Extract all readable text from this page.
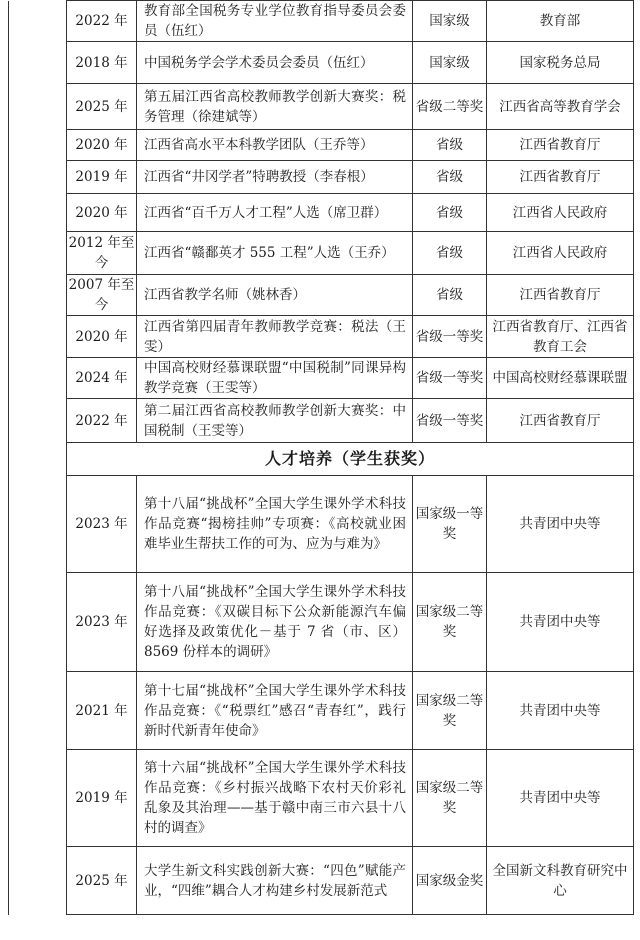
	2022 年	教育部全国税务专业学位教育指导委员会委员（伍红）	国家级	教育部
	2018 年	中国税务学会学术委员会委员（伍红）	国家级	国家税务总局
	2025 年	第五届江西省高校教师教学创新大赛奖：税务管理（徐建斌等）	省级二等奖	江西省高等教育学会
	2020 年	江西省高水平本科教学团队（王乔等）	省级	江西省教育厅
	2019 年	江西省“井冈学者”特聘教授（李春根）	省级	江西省教育厅
	2020 年	江西省“百千万人才工程”人选（席卫群）	省级	江西省人民政府
	2012 年至今	江西省“赣鄱英才 555 工程”人选（王乔）	省级	江西省人民政府
	2007 年至今	江西省教学名师（姚林香）	省级	江西省教育厅
	2020 年	江西省第四届青年教师教学竞赛：税法（王雯）	省级一等奖	江西省教育厅、江西省教育工会
	2024 年	中国高校财经慕课联盟“中国税制”同课异构教学竞赛（王雯等）	省级一等奖	中国高校财经慕课联盟
	2022 年	第二届江西省高校教师教学创新大赛奖：中国税制（王雯等）	省级一等奖	江西省教育厅
	人才培养（学生获奖）			
	2023 年	第十八届“挑战杯”全国大学生课外学术科技作品竞赛“揭榜挂帅”专项赛：《高校就业困难毕业生帮扶工作的可为、应为与难为》	国家级一等奖	共青团中央等
	2023 年	第十八届“挑战杯”全国大学生课外学术科技作品竞赛：《双碳目标下公众新能源汽车偏好选择及政策优化－基于 7 省（市、区）8569 份样本的调研》	国家级二等奖	共青团中央等
	2021 年	第十七届“挑战杯”全国大学生课外学术科技作品竞赛：《“税票红”感召“青春红”，践行新时代新青年使命》	国家级二等奖	共青团中央等
	2019 年	第十六届“挑战杯”全国大学生课外学术科技作品竞赛：《乡村振兴战略下农村天价彩礼乱象及其治理——基于赣中南三市六县十八村的调查》	国家级二等奖	共青团中央等
	2025 年	大学生新文科实践创新大赛：“四色”赋能产业，“四维”耦合人才构建乡村发展新范式	国家级金奖	全国新文科教育研究中心
